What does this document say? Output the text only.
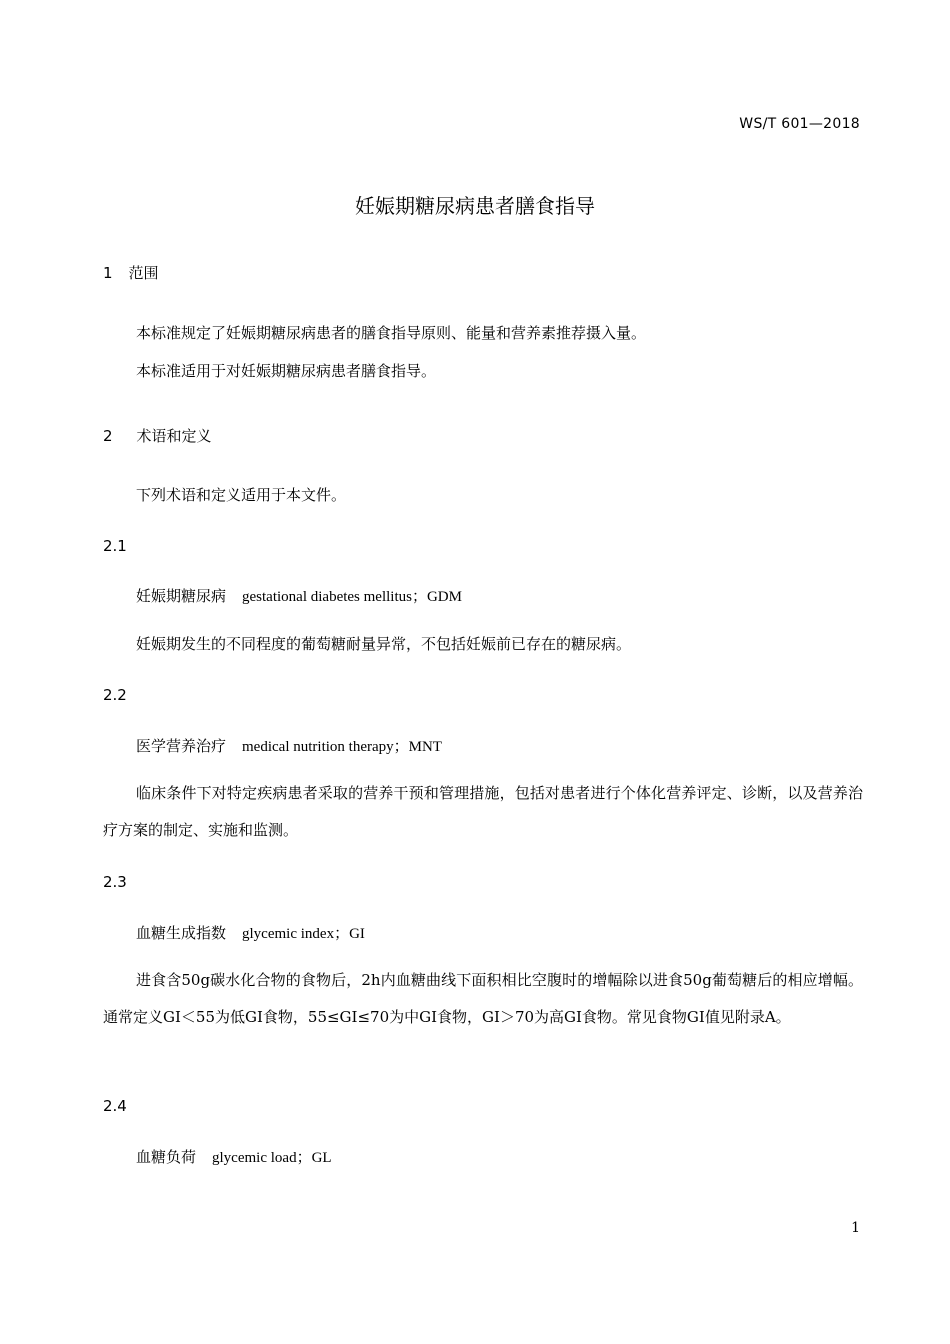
WS/T 601—2018
妊娠期糖尿病患者膳食指导
1 范围
本标准规定了妊娠期糖尿病患者的膳食指导原则、能量和营养素推荐摄入量。
本标准适用于对妊娠期糖尿病患者膳食指导。
2 术语和定义
下列术语和定义适用于本文件。
2.1
妊娠期糖尿病 gestational diabetes mellitus；GDM
妊娠期发生的不同程度的葡萄糖耐量异常，不包括妊娠前已存在的糖尿病。
2.2
医学营养治疗 medical nutrition therapy；MNT
临床条件下对特定疾病患者采取的营养干预和管理措施，包括对患者进行个体化营养评定、诊断，以及营养治疗方案的制定、实施和监测。
2.3
血糖生成指数 glycemic index；GI
进食含50g碳水化合物的食物后，2h内血糖曲线下面积相比空腹时的增幅除以进食50g葡萄糖后的相应增幅。通常定义GI＜55为低GI食物，55≤GI≤70为中GI食物，GI＞70为高GI食物。常见食物GI值见附录A。
2.4
血糖负荷 glycemic load；GL
1
